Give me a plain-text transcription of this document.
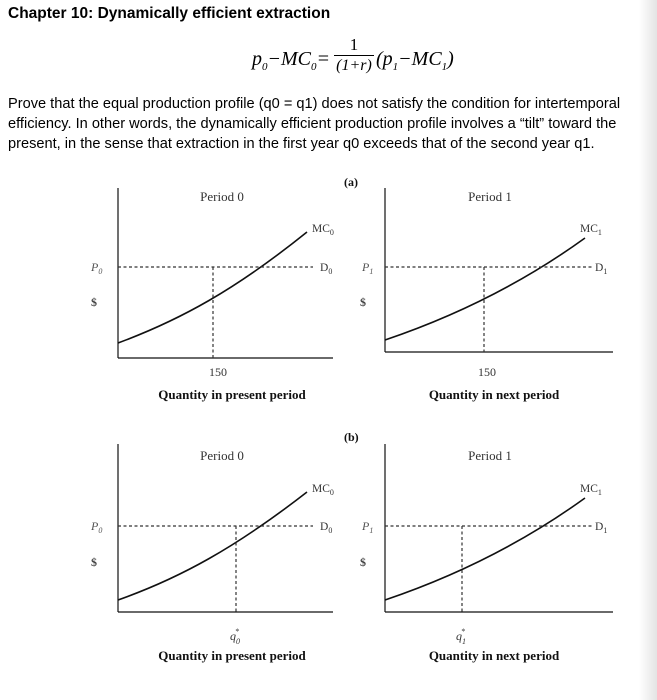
Chapter 10: Dynamically efficient extraction
$p_0-MC_0=$
1
(1+r) $(p_1-MC_1)$
Prove that the equal production profile (q0 = q1) does not satisfy the condition for intertemporal efficiency. In other words, the dynamically efficient production profile involves a “tilt” toward the present, in the sense that extraction in the first year q0 exceeds that of the second year q1.
(a)
(b)
Period 0
$MC_0$
$D_0$
$P_0$
$
150
Quantity in present period
Period 1
$MC_1$
$D_1$
$P_1$
$
150
Quantity in next period
Period 0
$MC_0$
$D_0$
$P_0$
$
$q_0*$
Quantity in present period
Period 1
$MC_1$
$D_1$
$P_1$
$
$q_1*$
Quantity in next period
